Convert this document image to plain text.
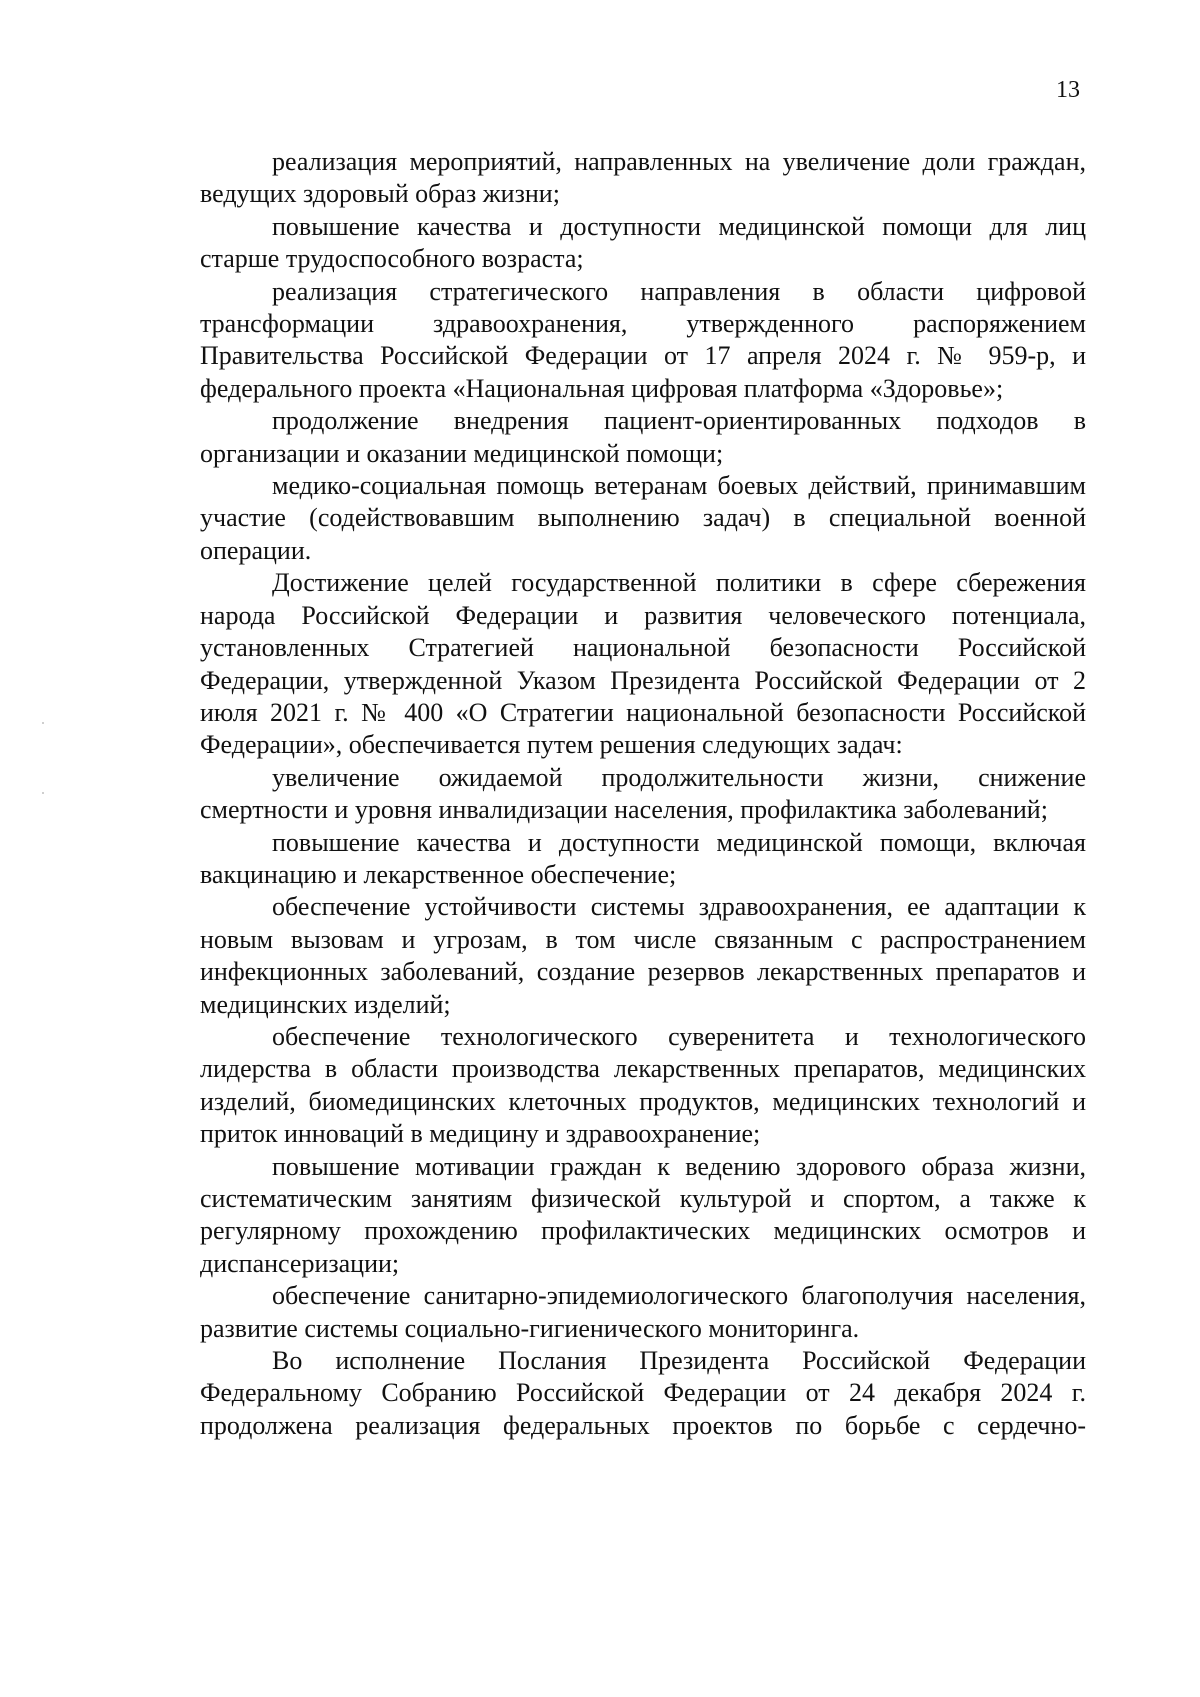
13

реализация мероприятий, направленных на увеличение доли граждан, ведущих здоровый образ жизни;

повышение качества и доступности медицинской помощи для лиц старше трудоспособного возраста;

реализация стратегического направления в области цифровой трансформации здравоохранения, утвержденного распоряжением Правительства Российской Федерации от 17 апреля 2024 г. № 959-р, и федерального проекта «Национальная цифровая платформа «Здоровье»;

продолжение внедрения пациент-ориентированных подходов в организации и оказании медицинской помощи;

медико-социальная помощь ветеранам боевых действий, принимавшим участие (содействовавшим выполнению задач) в специальной военной операции.

Достижение целей государственной политики в сфере сбережения народа Российской Федерации и развития человеческого потенциала, установленных Стратегией национальной безопасности Российской Федерации, утвержденной Указом Президента Российской Федерации от 2 июля 2021 г. № 400 «О Стратегии национальной безопасности Российской Федерации», обеспечивается путем решения следующих задач:

увеличение ожидаемой продолжительности жизни, снижение смертности и уровня инвалидизации населения, профилактика заболеваний;

повышение качества и доступности медицинской помощи, включая вакцинацию и лекарственное обеспечение;

обеспечение устойчивости системы здравоохранения, ее адаптации к новым вызовам и угрозам, в том числе связанным с распространением инфекционных заболеваний, создание резервов лекарственных препаратов и медицинских изделий;

обеспечение технологического суверенитета и технологического лидерства в области производства лекарственных препаратов, медицинских изделий, биомедицинских клеточных продуктов, медицинских технологий и приток инноваций в медицину и здравоохранение;

повышение мотивации граждан к ведению здорового образа жизни, систематическим занятиям физической культурой и спортом, а также к регулярному прохождению профилактических медицинских осмотров и диспансеризации;

обеспечение санитарно-эпидемиологического благополучия населения, развитие системы социально-гигиенического мониторинга.

Во исполнение Послания Президента Российской Федерации Федеральному Собранию Российской Федерации от 24 декабря 2024 г. продолжена реализация федеральных проектов по борьбе с сердечно-
